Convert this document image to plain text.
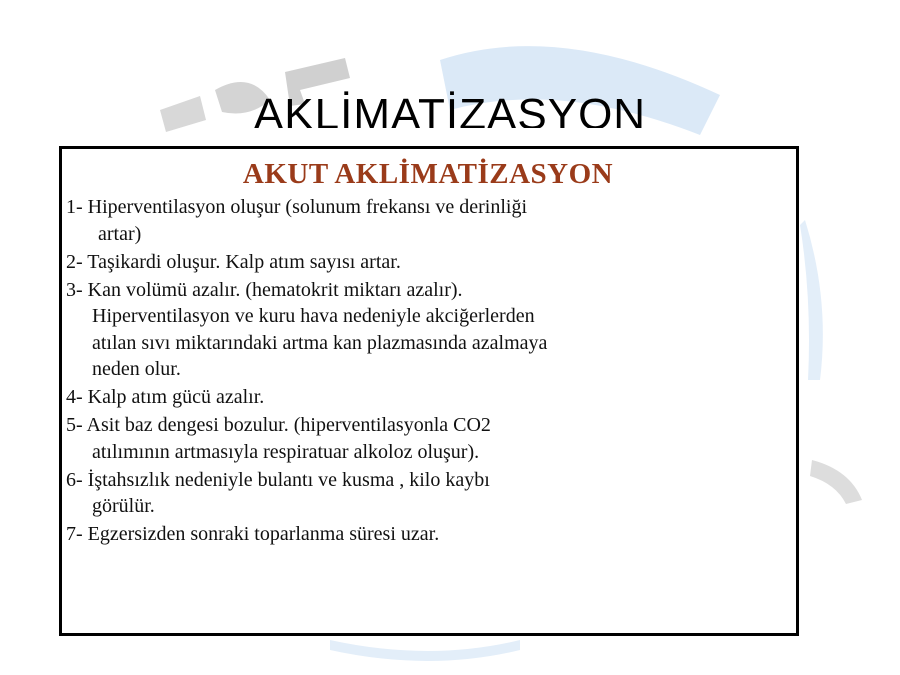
AKLİMATİZASYON
AKUT AKLİMATİZASYON
1- Hiperventilasyon oluşur (solunum frekansı ve derinliği
artar)
2- Taşikardi oluşur. Kalp atım sayısı artar.
3- Kan volümü azalır. (hematokrit miktarı azalır).
Hiperventilasyon ve kuru hava nedeniyle akciğerlerden
atılan sıvı miktarındaki artma kan plazmasında azalmaya
neden olur.
4- Kalp atım gücü azalır.
5- Asit baz dengesi bozulur. (hiperventilasyonla CO2
atılımının artmasıyla respiratuar alkoloz oluşur).
6- İştahsızlık nedeniyle bulantı ve kusma , kilo kaybı
görülür.
7- Egzersizden sonraki toparlanma süresi uzar.
